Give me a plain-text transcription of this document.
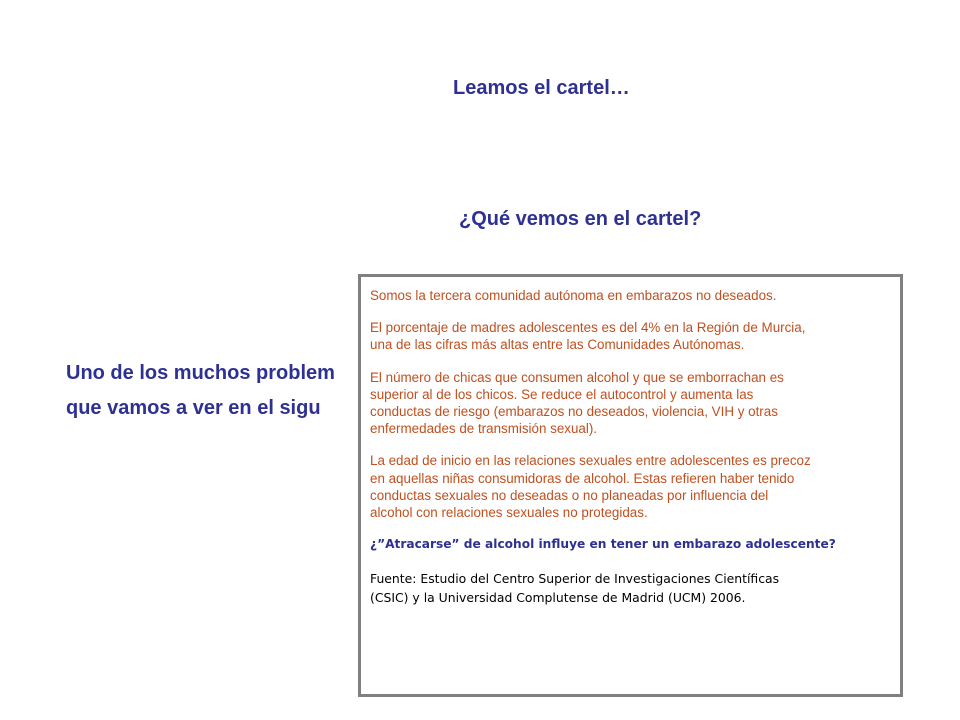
Leamos el cartel…
¿Qué vemos en el cartel?

Uno de los muchos problem

que vamos a ver en el sigu

Somos la tercera comunidad autónoma en embarazos no deseados.

El porcentaje de madres adolescentes es del 4% en la Región de Murcia,
una de las cifras más altas entre las Comunidades Autónomas.

El número de chicas que consumen alcohol y que se emborrachan es
superior al de los chicos. Se reduce el autocontrol y aumenta las
conductas de riesgo (embarazos no deseados, violencia, VIH y otras
enfermedades de transmisión sexual).

La edad de inicio en las relaciones sexuales entre adolescentes es precoz
en aquellas niñas consumidoras de alcohol. Estas refieren haber tenido
conductas sexuales no deseadas o no planeadas por influencia del
alcohol con relaciones sexuales no protegidas.

¿”Atracarse” de alcohol influye en tener un embarazo adolescente?

Fuente: Estudio del Centro Superior de Investigaciones Científicas
(CSIC) y la Universidad Complutense de Madrid (UCM) 2006.
